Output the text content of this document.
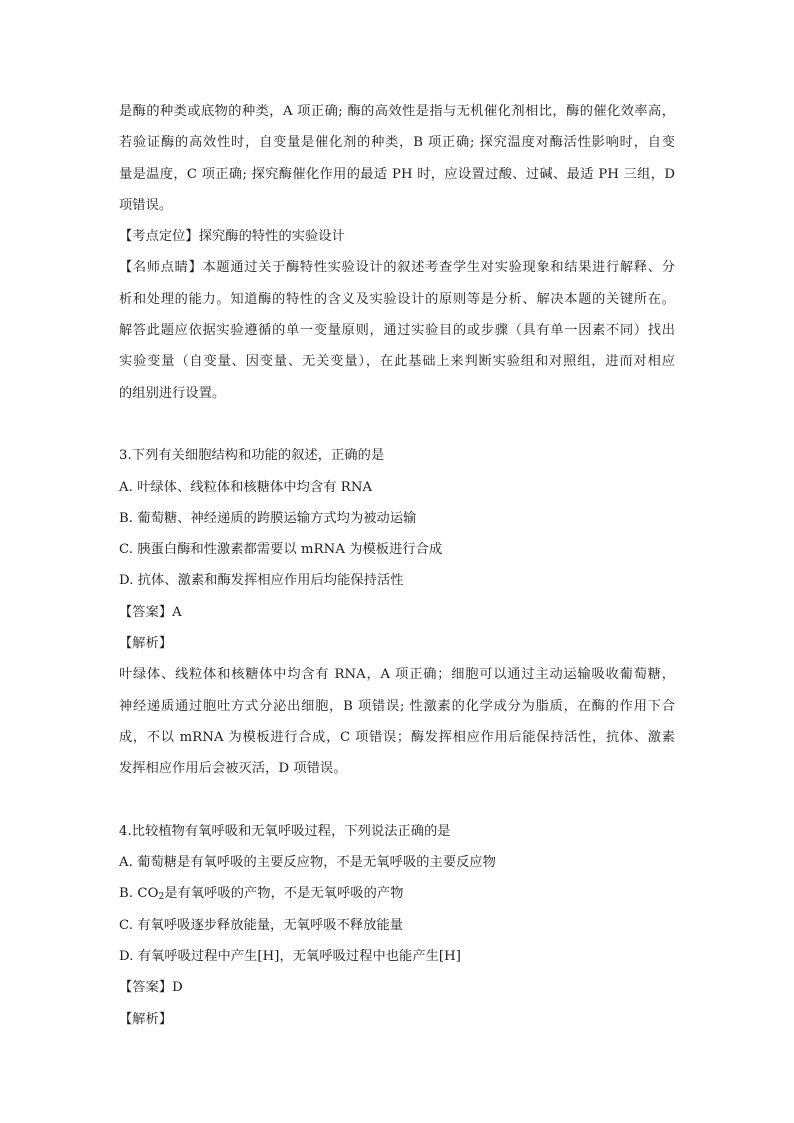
是酶的种类或底物的种类，A 项正确; 酶的高效性是指与无机催化剂相比，酶的催化效率高，
若验证酶的高效性时，自变量是催化剂的种类，B 项正确; 探究温度对酶活性影响时，自变
量是温度，C 项正确; 探究酶催化作用的最适 PH 时，应设置过酸、过碱、最适 PH 三组，D
项错误。
【考点定位】探究酶的特性的实验设计
【名师点睛】本题通过关于酶特性实验设计的叙述考查学生对实验现象和结果进行解释、分
析和处理的能力。知道酶的特性的含义及实验设计的原则等是分析、解决本题的关键所在。
解答此题应依据实验遵循的单一变量原则，通过实验目的或步骤（具有单一因素不同）找出
实验变量（自变量、因变量、无关变量），在此基础上来判断实验组和对照组，进而对相应
的组别进行设置。
3.下列有关细胞结构和功能的叙述，正确的是
A. 叶绿体、线粒体和核糖体中均含有 RNA
B. 葡萄糖、神经递质的跨膜运输方式均为被动运输
C. 胰蛋白酶和性激素都需要以 mRNA 为模板进行合成
D. 抗体、激素和酶发挥相应作用后均能保持活性
【答案】A
【解析】
叶绿体、线粒体和核糖体中均含有 RNA，A 项正确；细胞可以通过主动运输吸收葡萄糖，
神经递质通过胞吐方式分泌出细胞，B 项错误; 性激素的化学成分为脂质，在酶的作用下合
成，不以 mRNA 为模板进行合成，C 项错误；酶发挥相应作用后能保持活性，抗体、激素
发挥相应作用后会被灭活，D 项错误。
4.比较植物有氧呼吸和无氧呼吸过程，下列说法正确的是
A. 葡萄糖是有氧呼吸的主要反应物，不是无氧呼吸的主要反应物
B. $CO_2$是有氧呼吸的产物，不是无氧呼吸的产物
C. 有氧呼吸逐步释放能量，无氧呼吸不释放能量
D. 有氧呼吸过程中产生[H]，无氧呼吸过程中也能产生[H]
【答案】D
【解析】
